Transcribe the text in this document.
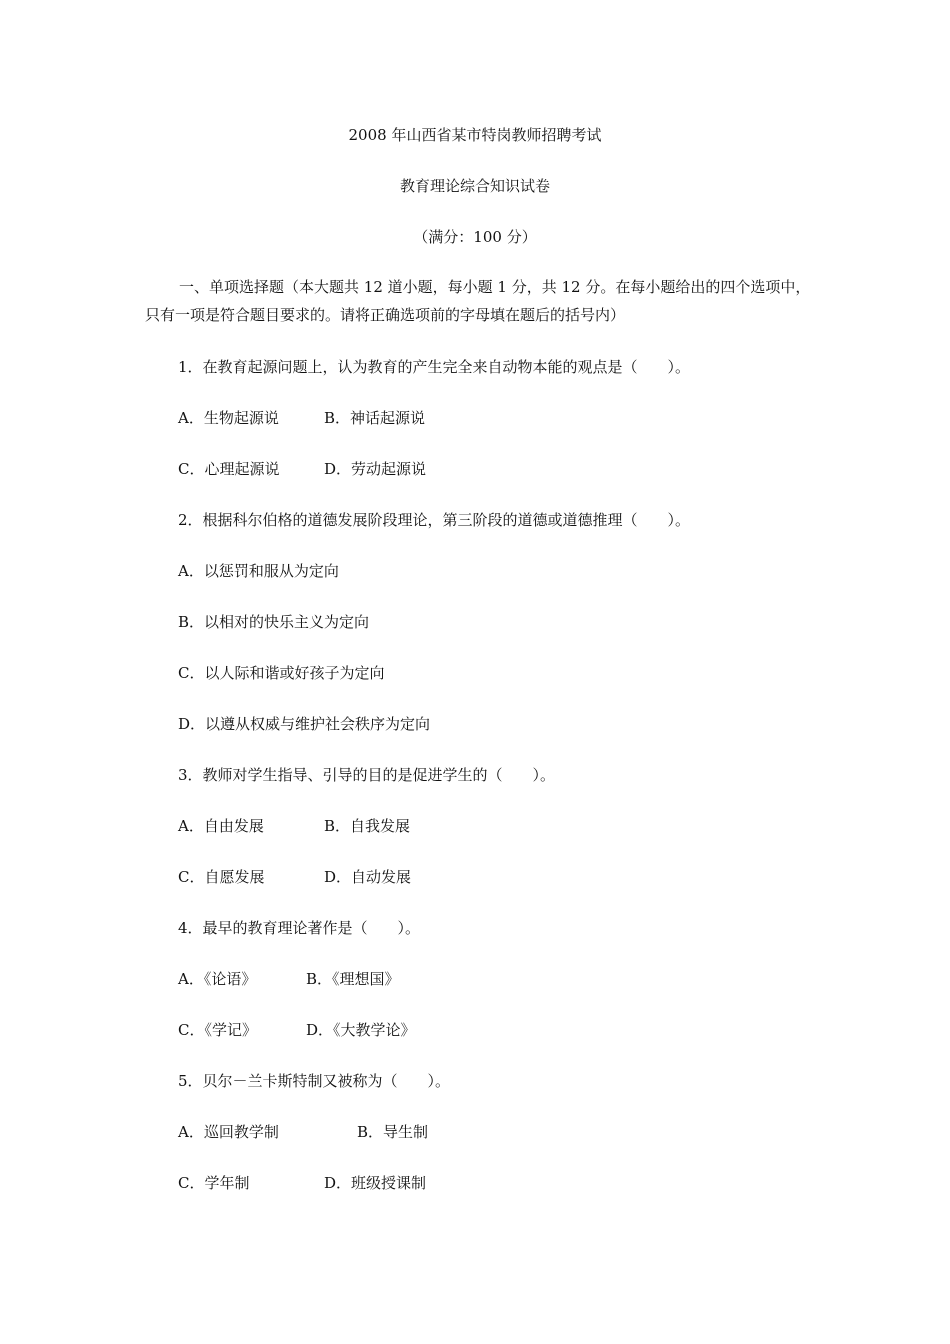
2008 年山西省某市特岗教师招聘考试
教育理论综合知识试卷
（满分：100 分）
一、单项选择题（本大题共 12 道小题，每小题 1 分，共 12 分。在每小题给出的四个选项中，只有一项是符合题目要求的。请将正确选项前的字母填在题后的括号内）
1．在教育起源问题上，认为教育的产生完全来自动物本能的观点是（　　）。
A．生物起源说	B．神话起源说
C．心理起源说	D．劳动起源说
2．根据科尔伯格的道德发展阶段理论，第三阶段的道德或道德推理（　　）。
A．以惩罚和服从为定向
B．以相对的快乐主义为定向
C．以人际和谐或好孩子为定向
D．以遵从权威与维护社会秩序为定向
3．教师对学生指导、引导的目的是促进学生的（　　）。
A．自由发展	B．自我发展
C．自愿发展	D．自动发展
4．最早的教育理论著作是（　　）。
A．《论语》	B．《理想国》
C．《学记》	D．《大教学论》
5．贝尔－兰卡斯特制又被称为（　　）。
A．巡回教学制	B．导生制
C．学年制	D．班级授课制
